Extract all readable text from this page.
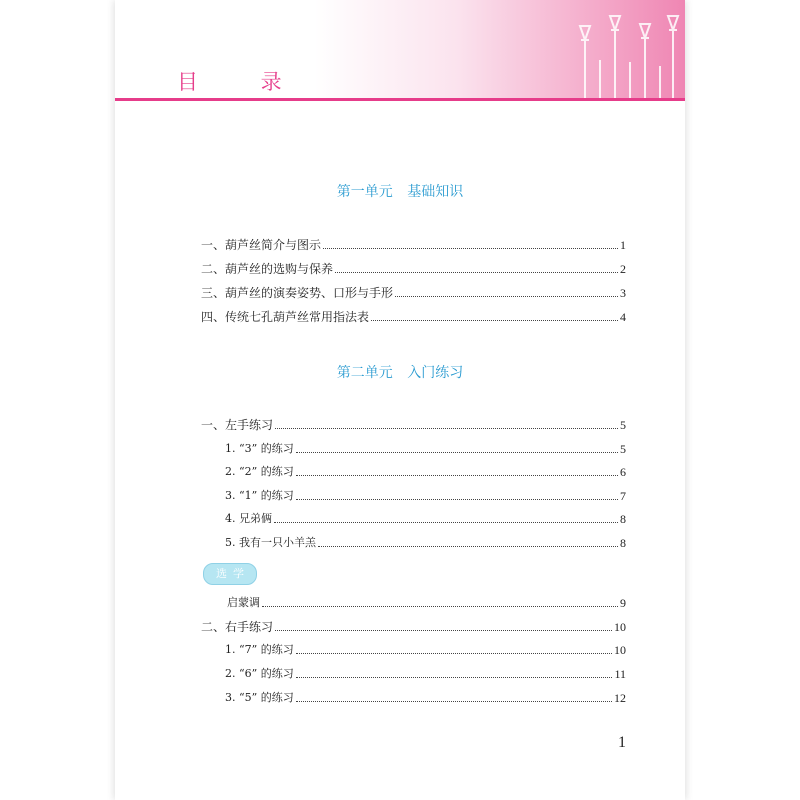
目 录
第一单元 基础知识
一、葫芦丝简介与图示	1
二、葫芦丝的选购与保养	2
三、葫芦丝的演奏姿势、口形与手形	3
四、传统七孔葫芦丝常用指法表	4
第二单元 入门练习
一、左手练习	5
1. “3” 的练习	5
2. “2” 的练习	6
3. “1” 的练习	7
4. 兄弟俩	8
5. 我有一只小羊羔	8
选学
启蒙调	9
二、右手练习	10
1. “7” 的练习	10
2. “6” 的练习	11
3. “5” 的练习	12
1
